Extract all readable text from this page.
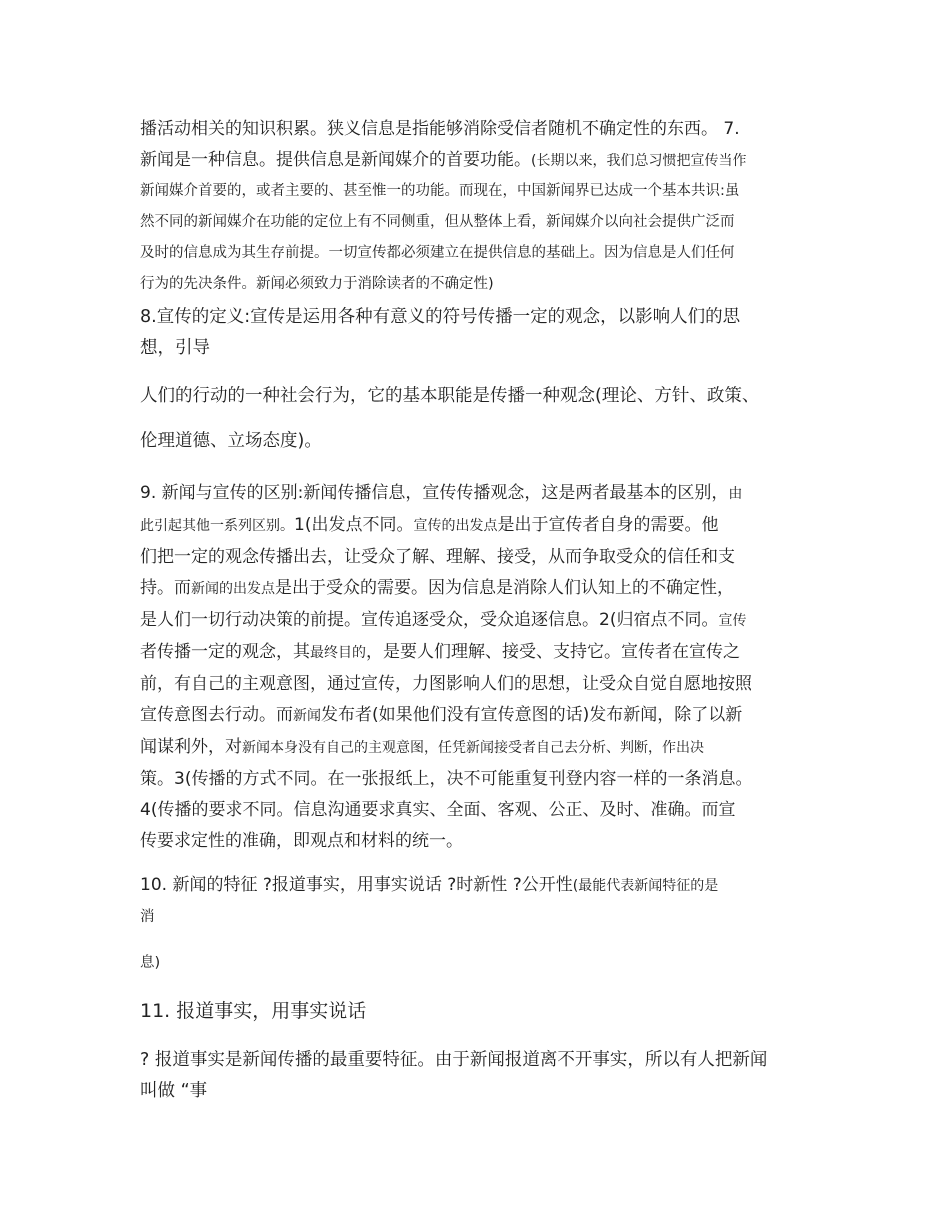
播活动相关的知识积累。狭义信息是指能够消除受信者随机不确定性的东西。 7.
新闻是一种信息。提供信息是新闻媒介的首要功能。(长期以来，我们总习惯把宣传当作
新闻媒介首要的，或者主要的、甚至惟一的功能。而现在，中国新闻界已达成一个基本共识:虽
然不同的新闻媒介在功能的定位上有不同侧重，但从整体上看，新闻媒介以向社会提供广泛而
及时的信息成为其生存前提。一切宣传都必须建立在提供信息的基础上。因为信息是人们任何
行为的先决条件。新闻必须致力于消除读者的不确定性)
8.宣传的定义:宣传是运用各种有意义的符号传播一定的观念，以影响人们的思
想，引导
人们的行动的一种社会行为，它的基本职能是传播一种观念(理论、方针、政策、
伦理道德、立场态度)。
9. 新闻与宣传的区别:新闻传播信息，宣传传播观念，这是两者最基本的区别，由
此引起其他一系列区别。1(出发点不同。宣传的出发点是出于宣传者自身的需要。他
们把一定的观念传播出去，让受众了解、理解、接受，从而争取受众的信任和支
持。而新闻的出发点是出于受众的需要。因为信息是消除人们认知上的不确定性，
是人们一切行动决策的前提。宣传追逐受众，受众追逐信息。2(归宿点不同。宣传
者传播一定的观念，其最终目的，是要人们理解、接受、支持它。宣传者在宣传之
前，有自己的主观意图，通过宣传，力图影响人们的思想，让受众自觉自愿地按照
宣传意图去行动。而新闻发布者(如果他们没有宣传意图的话)发布新闻，除了以新
闻谋利外，对新闻本身没有自己的主观意图，任凭新闻接受者自己去分析、判断，作出决
策。3(传播的方式不同。在一张报纸上，决不可能重复刊登内容一样的一条消息。
4(传播的要求不同。信息沟通要求真实、全面、客观、公正、及时、准确。而宣
传要求定性的准确，即观点和材料的统一。
10. 新闻的特征 ?报道事实，用事实说话 ?时新性 ?公开性(最能代表新闻特征的是
消
息)
11. 报道事实，用事实说话
? 报道事实是新闻传播的最重要特征。由于新闻报道离不开事实，所以有人把新闻
叫做 “事
